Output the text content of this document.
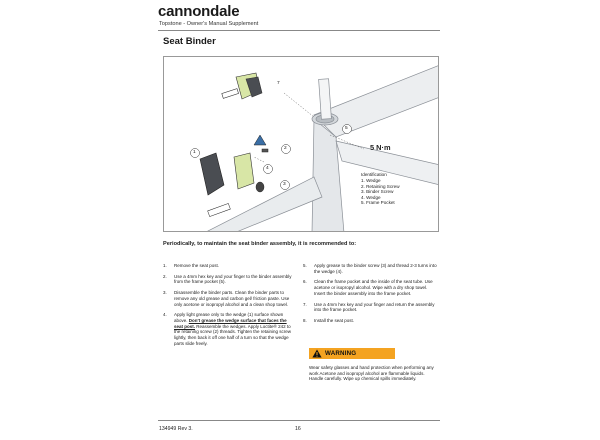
cannondale
Topstone - Owner's Manual Supplement
Seat Binder
1
2
3
4
5
7
5 N·m
Identification
1. Wedge
2. Retaining Screw
3. Binder Screw
4. Wedge
5. Frame Pocket
Periodically, to maintain the seat binder assembly, it is recommended to:
1.	Remove the seat post.
2.	Use a 4mm hex key and your finger to the binder assembly from the frame pocket (5).
3.	Disassemble the binder parts. Clean the binder parts to remove any old grease and carbon gel/ friction paste. Use only acetone or isopropyl alcohol and a clean shop towel.
4.	Apply light grease only to the wedge (1) surface shown above. Don't grease the wedge surface that faces the seat post. Reassemble the wedges. Apply Loctite® 242 to the retaining screw (2) threads. Tighten the retaining screw lightly, then back it off one half of a turn so that the wedge parts slide freely.
5.	Apply grease to the binder screw (3) and thread 2-3 turns into the wedge (4).
6.	Clean the frame pocket and the inside of the seat tube. Use acetone or isopropyl alcohol. Wipe with a dry shop towel. Insert the binder assembly into the frame pocket.
7.	Use a 4mm hex key and your finger and return the assembly into the frame pocket.
8.	Install the seat post.
WARNING
Wear safety glasses and hand protection when performing any work Acetone and isopropyl alcohol are flammable liquids. Handle carefully. Wipe up chemical spills immediately.
134949 Rev 3.	16
